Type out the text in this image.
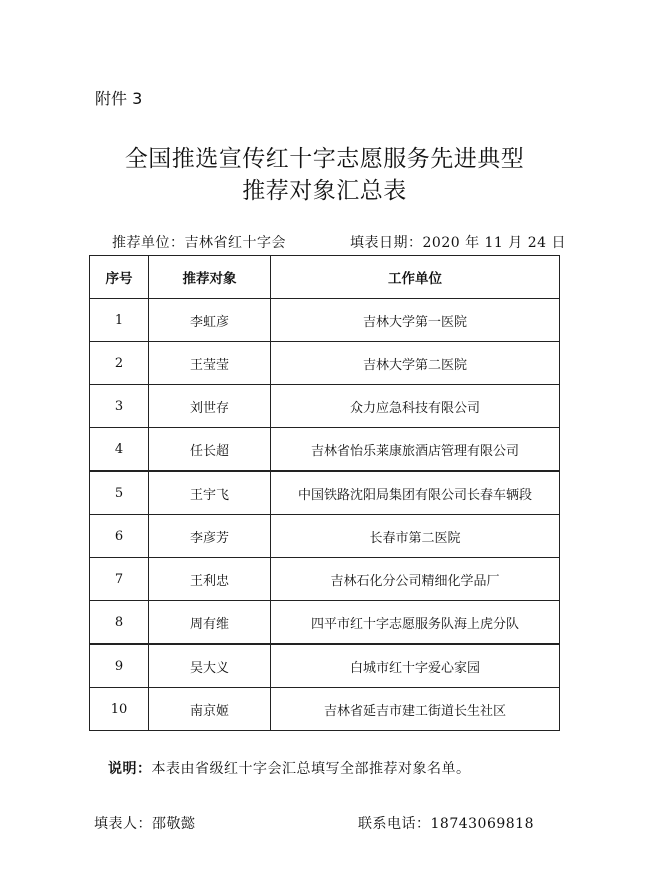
附件 3
全国推选宣传红十字志愿服务先进典型
推荐对象汇总表
推荐单位：吉林省红十字会	填表日期：2020 年 11 月 24 日
序号	推荐对象	工作单位
1	李虹彦	吉林大学第一医院
2	王莹莹	吉林大学第二医院
3	刘世存	众力应急科技有限公司
4	任长超	吉林省怡乐莱康旅酒店管理有限公司
5	王宇飞	中国铁路沈阳局集团有限公司长春车辆段
6	李彦芳	长春市第二医院
7	王利忠	吉林石化分公司精细化学品厂
8	周有维	四平市红十字志愿服务队海上虎分队
9	吴大义	白城市红十字爱心家园
10	南京姬	吉林省延吉市建工街道长生社区
说明：本表由省级红十字会汇总填写全部推荐对象名单。
填表人：邵敬懿	联系电话：18743069818
